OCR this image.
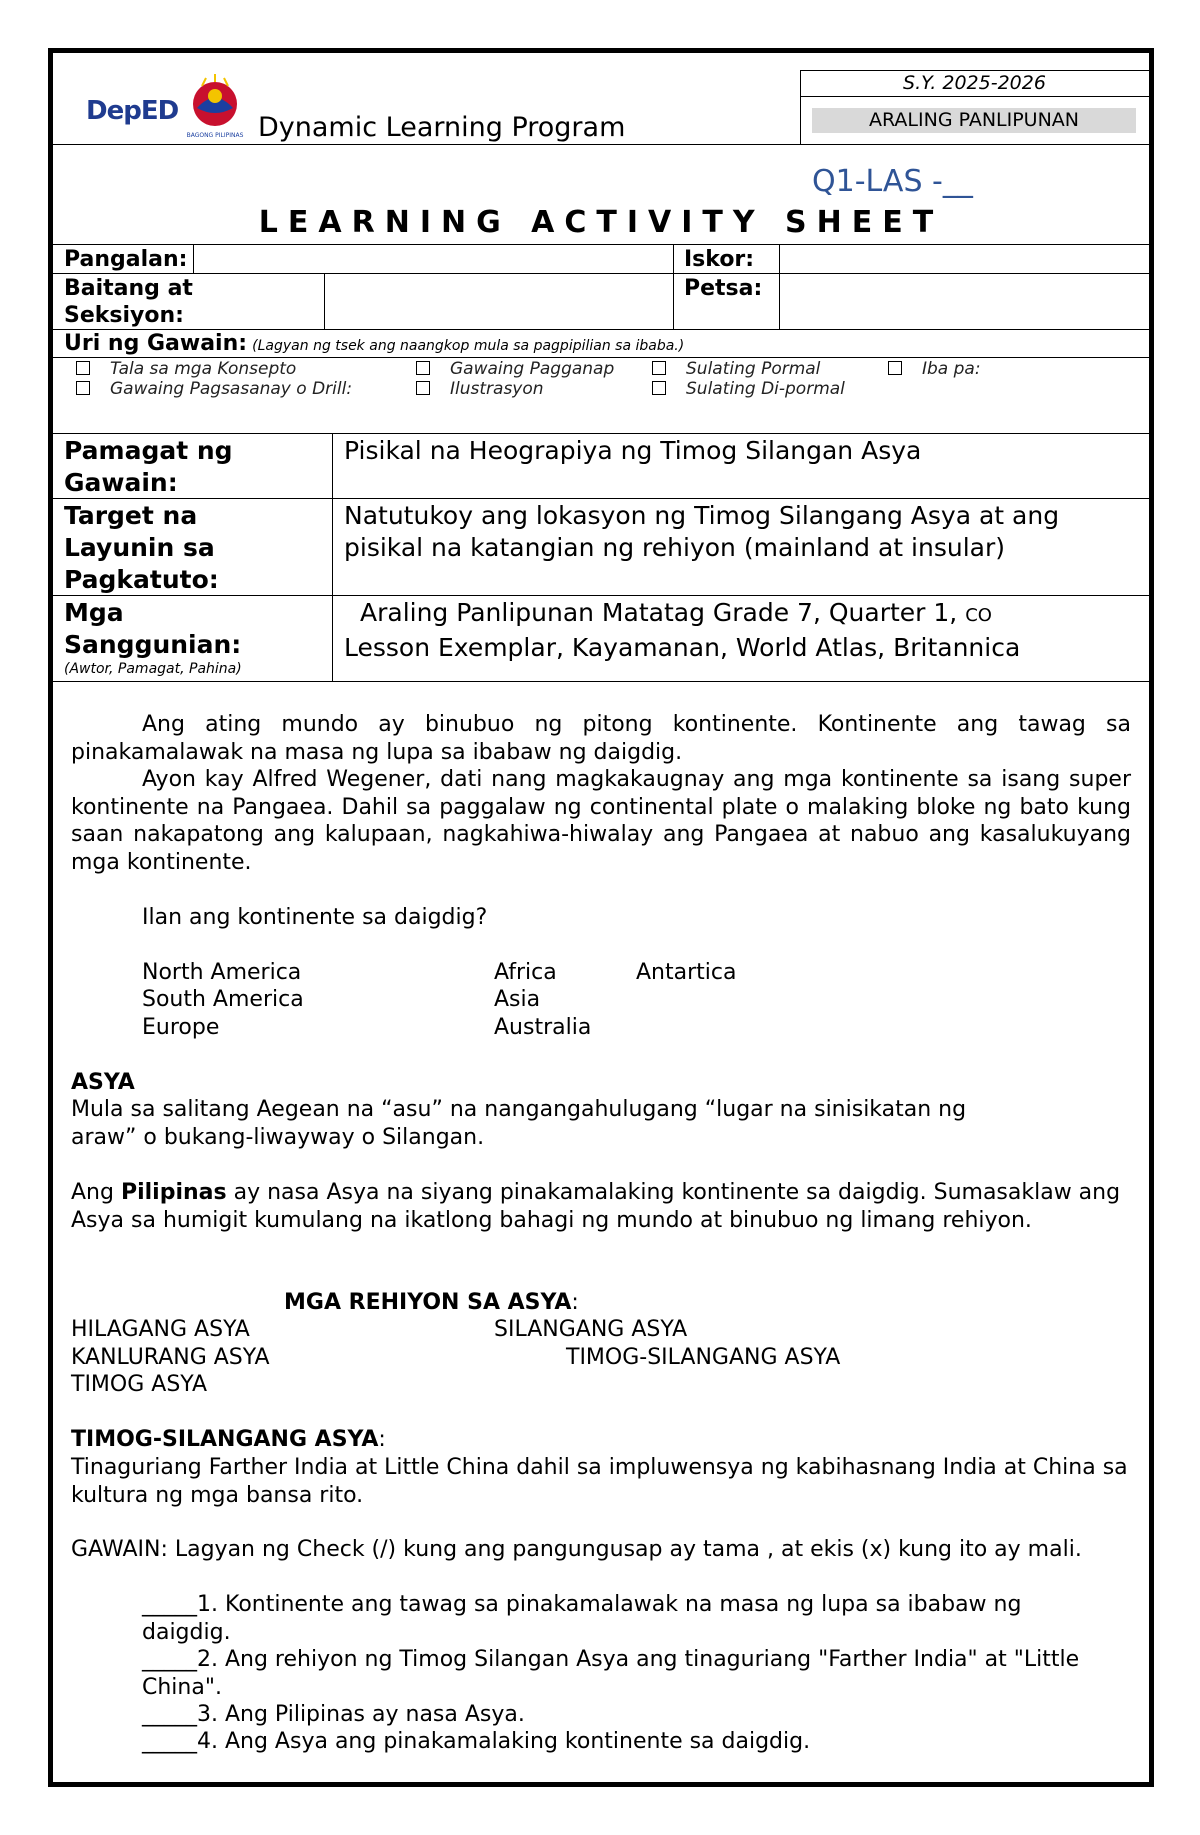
DepED
BAGONG PILIPINAS Dynamic Learning Program
S.Y. 2025-2026
ARALING PANLIPUNAN
Q1-LAS -__
LEARNING ACTIVITY SHEET
Pangalan:	Iskor:
Baitang at Seksiyon:
Petsa:
Uri ng Gawain: (Lagyan ng tsek ang naangkop mula sa pagpipilian sa ibaba.)
Tala sa mga Konsepto	Gawaing Pagganap	Sulating Pormal	Iba pa:
Gawaing Pagsasanay o Drill:	Ilustrasyon	Sulating Di-pormal
Pamagat ng Gawain:
Pisikal na Heograpiya ng Timog Silangan Asya
Target na Layunin sa Pagkatuto:
Natutukoy ang lokasyon ng Timog Silangang Asya at ang pisikal na katangian ng rehiyon (mainland at insular)
Mga Sanggunian:
(Awtor, Pamagat, Pahina)
Araling Panlipunan Matatag Grade 7, Quarter 1, CO
Lesson Exemplar, Kayamanan, World Atlas, Britannica
Ang ating mundo ay binubuo ng pitong kontinente. Kontinente ang tawag sa pinakamalawak na masa ng lupa sa ibabaw ng daigdig.
Ayon kay Alfred Wegener, dati nang magkakaugnay ang mga kontinente sa isang super kontinente na Pangaea. Dahil sa paggalaw ng continental plate o malaking bloke ng bato kung saan nakapatong ang kalupaan, nagkahiwa-hiwalay ang Pangaea at nabuo ang kasalukuyang mga kontinente.
Ilan ang kontinente sa daigdig?
North America
South America
Europe
Africa
Asia
Australia
Antartica
ASYA
Mula sa salitang Aegean na “asu” na nangangahulugang “lugar na sinisikatan ng araw” o bukang-liwayway o Silangan.
Ang Pilipinas ay nasa Asya na siyang pinakamalaking kontinente sa daigdig. Sumasaklaw ang Asya sa humigit kumulang na ikatlong bahagi ng mundo at binubuo ng limang rehiyon.
MGA REHIYON SA ASYA:
HILAGANG ASYA
KANLURANG ASYA
TIMOG ASYA
SILANGANG ASYA
TIMOG-SILANGANG ASYA
TIMOG-SILANGANG ASYA:
Tinaguriang Farther India at Little China dahil sa impluwensya ng kabihasnang India at China sa kultura ng mga bansa rito.
GAWAIN: Lagyan ng Check (/) kung ang pangungusap ay tama , at ekis (x) kung ito ay mali.
_____1. Kontinente ang tawag sa pinakamalawak na masa ng lupa sa ibabaw ng daigdig.
_____2. Ang rehiyon ng Timog Silangan Asya ang tinaguriang "Farther India" at "Little China".
_____3. Ang Pilipinas ay nasa Asya.
_____4. Ang Asya ang pinakamalaking kontinente sa daigdig.
